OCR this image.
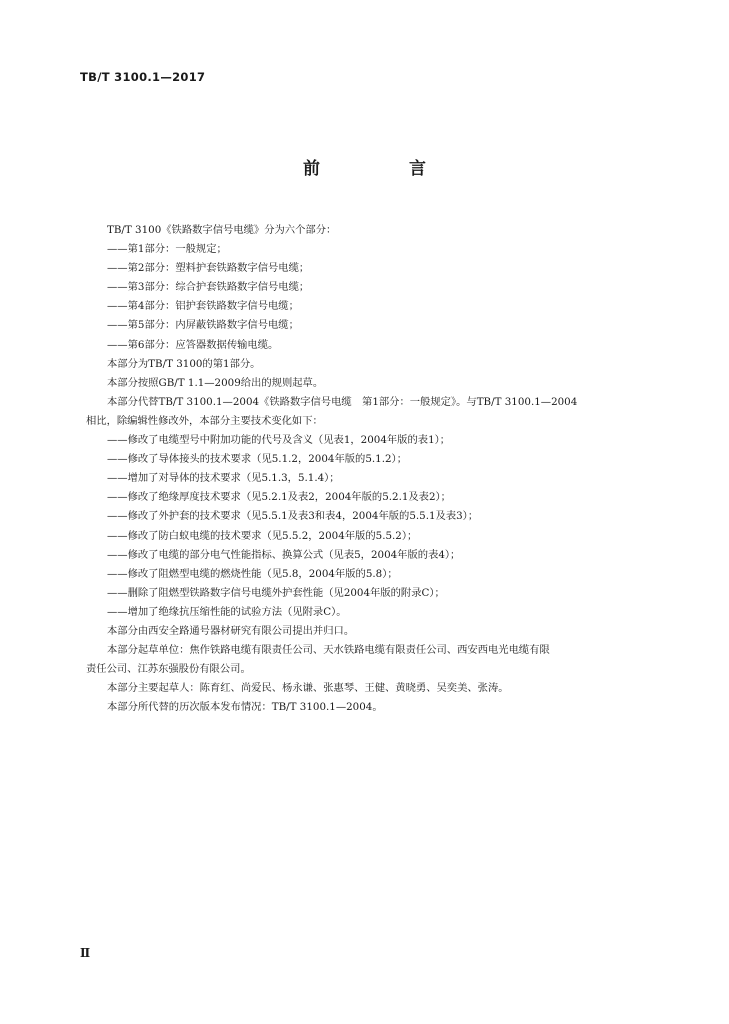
TB/T 3100.1—2017
前　言
TB/T 3100《铁路数字信号电缆》分为六个部分：
——第1部分：一般规定；
——第2部分：塑料护套铁路数字信号电缆；
——第3部分：综合护套铁路数字信号电缆；
——第4部分：铝护套铁路数字信号电缆；
——第5部分：内屏蔽铁路数字信号电缆；
——第6部分：应答器数据传输电缆。
本部分为TB/T 3100的第1部分。
本部分按照GB/T 1.1—2009给出的规则起草。
本部分代替TB/T 3100.1—2004《铁路数字信号电缆　第1部分：一般规定》。与TB/T 3100.1—2004
相比，除编辑性修改外，本部分主要技术变化如下：
——修改了电缆型号中附加功能的代号及含义（见表1，2004年版的表1）；
——修改了导体接头的技术要求（见5.1.2，2004年版的5.1.2）；
——增加了对导体的技术要求（见5.1.3，5.1.4）；
——修改了绝缘厚度技术要求（见5.2.1及表2，2004年版的5.2.1及表2）；
——修改了外护套的技术要求（见5.5.1及表3和表4，2004年版的5.5.1及表3）；
——修改了防白蚁电缆的技术要求（见5.5.2，2004年版的5.5.2）；
——修改了电缆的部分电气性能指标、换算公式（见表5，2004年版的表4）；
——修改了阻燃型电缆的燃烧性能（见5.8，2004年版的5.8）；
——删除了阻燃型铁路数字信号电缆外护套性能（见2004年版的附录C）；
——增加了绝缘抗压缩性能的试验方法（见附录C）。
本部分由西安全路通号器材研究有限公司提出并归口。
本部分起草单位：焦作铁路电缆有限责任公司、天水铁路电缆有限责任公司、西安西电光电缆有限
责任公司、江苏东强股份有限公司。
本部分主要起草人：陈育红、尚爱民、杨永谦、张惠琴、王健、黄晓勇、吴奕美、张涛。
本部分所代替的历次版本发布情况：TB/T 3100.1—2004。
Ⅱ
